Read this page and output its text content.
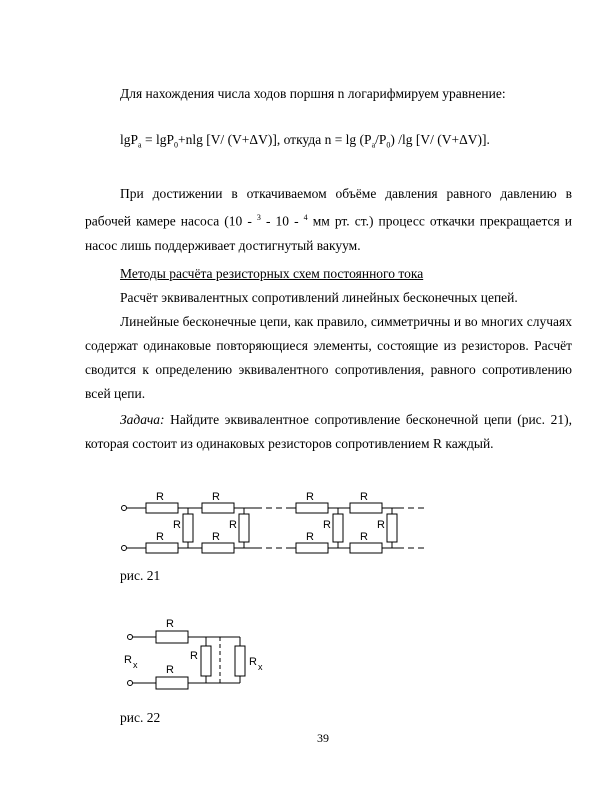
Для нахождения числа ходов поршня n логарифмируем уравнение:

lgP$_a$ = lgP$_0$+nlg [V/ (V+ΔV)], откуда $n = \lg (P_a/P_0)$ /lg [V/ (V+ΔV)].

При достижении в откачиваемом объёме давления равного давлению в рабочей камере насоса (10 - $^3$ - 10 - $^4$ мм рт. ст.) процесс откачки прекращается и насос лишь поддерживает достигнутый вакуум.

Методы расчёта резисторных схем постоянного тока

Расчёт эквивалентных сопротивлений линейных бесконечных цепей.

Линейные бесконечные цепи, как правило, симметричны и во многих случаях содержат одинаковые повторяющиеся элементы, состоящие из резисторов. Расчёт сводится к определению эквивалентного сопротивления, равного сопротивлению всей цепи.

Задача: Найдите эквивалентное сопротивление бесконечной цепи (рис. 21), которая состоит из одинаковых резисторов сопротивлением R каждый.

R	R	R	R
R	R	R	R
R	R	R	R
рис. 21
R
R
R
R x	R x
рис. 22
39
